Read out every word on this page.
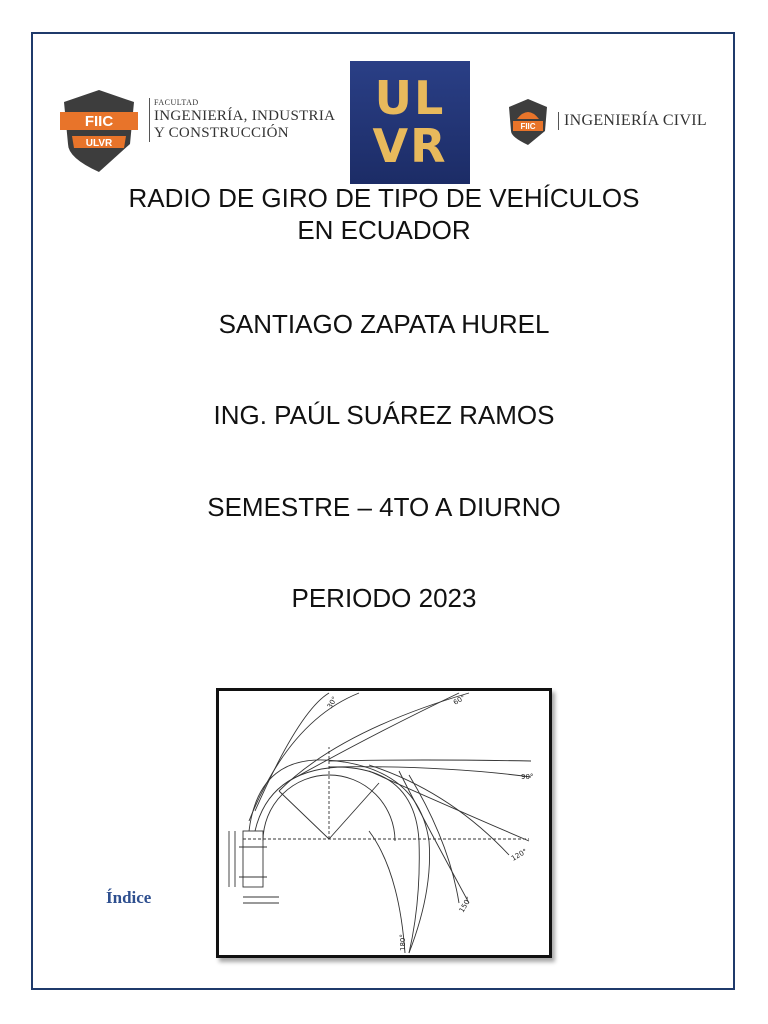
FIIC
ULVR
FACULTAD
INGENIERÍA, INDUSTRIA
Y CONSTRUCCIÓN
UL
VR	FIIC	INGENIERÍA CIVIL
RADIO DE GIRO DE TIPO DE VEHÍCULOS
EN ECUADOR
SANTIAGO ZAPATA HUREL
ING. PAÚL SUÁREZ RAMOS
SEMESTRE – 4TO A DIURNO
PERIODO 2023
Índice
30°	60°
90°
120°
150°
180°
